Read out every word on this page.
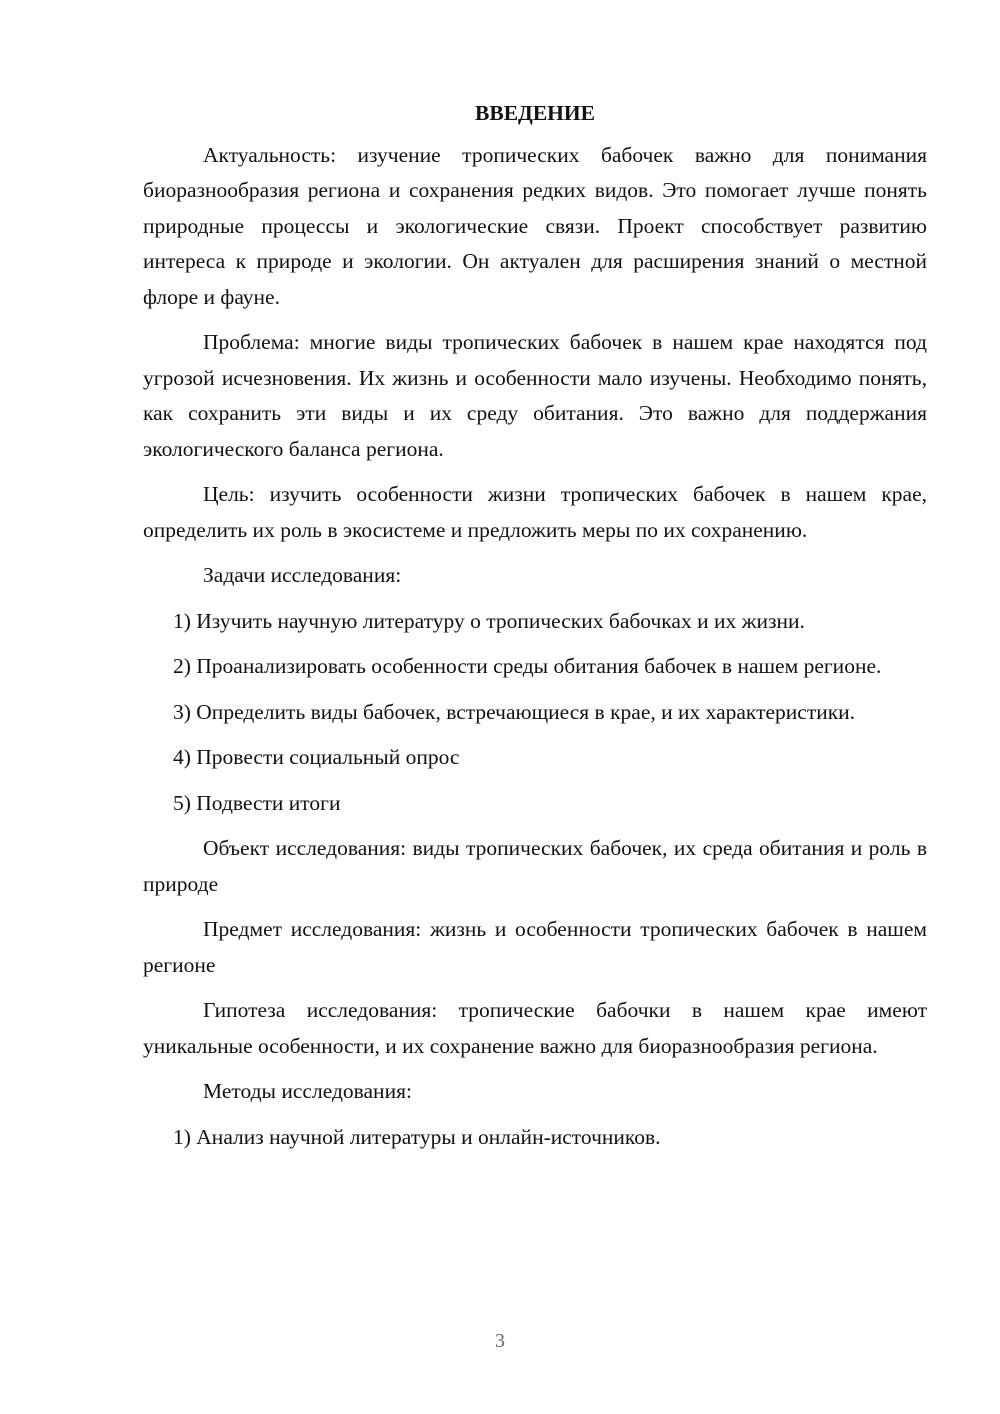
ВВЕДЕНИЕ

Актуальность: изучение тропических бабочек важно для понимания биоразнообразия региона и сохранения редких видов. Это помогает лучше понять природные процессы и экологические связи. Проект способствует развитию интереса к природе и экологии. Он актуален для расширения знаний о местной флоре и фауне.

Проблема: многие виды тропических бабочек в нашем крае находятся под угрозой исчезновения. Их жизнь и особенности мало изучены. Необходимо понять, как сохранить эти виды и их среду обитания. Это важно для поддержания экологического баланса региона.

Цель: изучить особенности жизни тропических бабочек в нашем крае, определить их роль в экосистеме и предложить меры по их сохранению.

Задачи исследования:

1) Изучить научную литературу о тропических бабочках и их жизни.

2) Проанализировать особенности среды обитания бабочек в нашем регионе.

3) Определить виды бабочек, встречающиеся в крае, и их характеристики.

4) Провести социальный опрос

5) Подвести итоги

Объект исследования: виды тропических бабочек, их среда обитания и роль в природе

Предмет исследования: жизнь и особенности тропических бабочек в нашем регионе

Гипотеза исследования: тропические бабочки в нашем крае имеют уникальные особенности, и их сохранение важно для биоразнообразия региона.

Методы исследования:

1) Анализ научной литературы и онлайн-источников.

3
